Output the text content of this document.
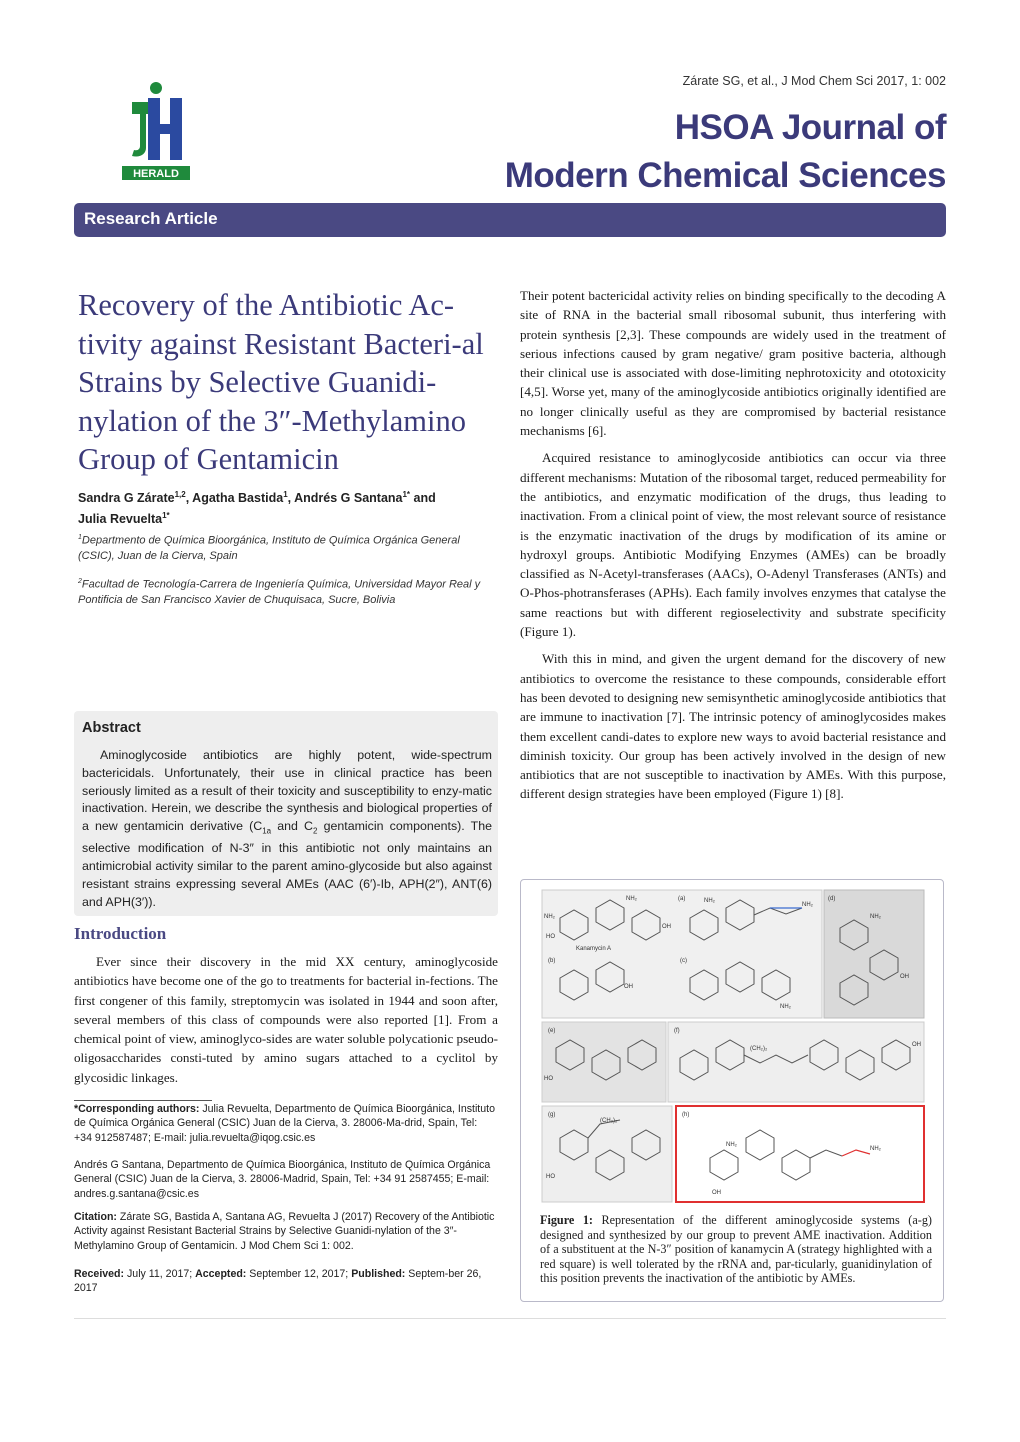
Zárate SG, et al., J Mod Chem Sci 2017, 1: 002
HERALD
HSOA Journal of
Modern Chemical Sciences
Research Article
Recovery of the Antibiotic Ac-tivity against Resistant Bacteri-al Strains by Selective Guanidi-nylation of the 3″-Methylamino Group of Gentamicin
Sandra G Zárate$^{1,2}$, Agatha Bastida$^1$, Andrés G Santana$^{1*}$ and
Julia Revuelta$^{1*}$
$^1$Departmento de Química Bioorgánica, Instituto de Química Orgánica General (CSIC), Juan de la Cierva, Spain
$^2$Facultad de Tecnología-Carrera de Ingeniería Química, Universidad Mayor Real y Pontificia de San Francisco Xavier de Chuquisaca, Sucre, Bolivia
Abstract
Aminoglycoside antibiotics are highly potent, wide-spectrum bactericidals. Unfortunately, their use in clinical practice has been seriously limited as a result of their toxicity and susceptibility to enzy-matic inactivation. Herein, we describe the synthesis and biological properties of a new gentamicin derivative ($C_{1a}$ and $C_2$ gentamicin components). The selective modification of N-3″ in this antibiotic not only maintains an antimicrobial activity similar to the parent amino-glycoside but also against resistant strains expressing several AMEs (AAC (6′)-Ib, APH(2″), ANT(6) and APH(3′)).
Introduction
Ever since their discovery in the mid XX century, aminoglycoside antibiotics have become one of the go to treatments for bacterial in-fections. The first congener of this family, streptomycin was isolated in 1944 and soon after, several members of this class of compounds were also reported [1]. From a chemical point of view, aminoglyco-sides are water soluble polycationic pseudo-oligosaccharides consti-tuted by amino sugars attached to a cyclitol by glycosidic linkages.
*Corresponding authors: Julia Revuelta, Departmento de Química Bioorgánica, Instituto de Química Orgánica General (CSIC) Juan de la Cierva, 3. 28006-Ma-drid, Spain, Tel: +34 912587487; E-mail: julia.revuelta@iqog.csic.es
Andrés G Santana, Departmento de Química Bioorgánica, Instituto de Química Orgánica General (CSIC) Juan de la Cierva, 3. 28006-Madrid, Spain, Tel: +34 91 2587455; E-mail: andres.g.santana@csic.es
Citation: Zárate SG, Bastida A, Santana AG, Revuelta J (2017) Recovery of the Antibiotic Activity against Resistant Bacterial Strains by Selective Guanidi-nylation of the 3″-Methylamino Group of Gentamicin. J Mod Chem Sci 1: 002.
Received: July 11, 2017; Accepted: September 12, 2017; Published: Septem-ber 26, 2017

Their potent bactericidal activity relies on binding specifically to the decoding A site of RNA in the bacterial small ribosomal subunit, thus interfering with protein synthesis [2,3]. These compounds are widely used in the treatment of serious infections caused by gram negative/ gram positive bacteria, although their clinical use is associated with dose-limiting nephrotoxicity and ototoxicity [4,5]. Worse yet, many of the aminoglycoside antibiotics originally identified are no longer clinically useful as they are compromised by bacterial resistance mechanisms [6].

Acquired resistance to aminoglycoside antibiotics can occur via three different mechanisms: Mutation of the ribosomal target, reduced permeability for the antibiotics, and enzymatic modification of the drugs, thus leading to inactivation. From a clinical point of view, the most relevant source of resistance is the enzymatic inactivation of the drugs by modification of its amine or hydroxyl groups. Antibiotic Modifying Enzymes (AMEs) can be broadly classified as N-Acetyl-transferases (AACs), O-Adenyl Transferases (ANTs) and O-Phos-photransferases (APHs). Each family involves enzymes that catalyse the same reactions but with different regioselectivity and substrate specificity (Figure 1).

With this in mind, and given the urgent demand for the discovery of new antibiotics to overcome the resistance to these compounds, considerable effort has been devoted to designing new semisynthetic aminoglycoside antibiotics that are immune to inactivation [7]. The intrinsic potency of aminoglycosides makes them excellent candi-dates to explore new ways to avoid bacterial resistance and diminish toxicity. Our group has been actively involved in the design of new antibiotics that are not susceptible to inactivation by AMEs. With this purpose, different design strategies have been employed (Figure 1) [8].

(a)
(b)	(c)
(d)
(e)	(f)
(g)	(h)
Kanamycin A
NH₂
HO
NH₂
OH
NH₂
NH₂
OH
NH₂
NH₂
OH
HO
(CH₂)₂
OH
(CH₂)₂
HO
NH₂
NH₂
OH
Figure 1: Representation of the different aminoglycoside systems (a-g) designed and synthesized by our group to prevent AME inactivation. Addition of a substituent at the N-3″ position of kanamycin A (strategy highlighted with a red square) is well tolerated by the rRNA and, par-ticularly, guanidinylation of this position prevents the inactivation of the antibiotic by AMEs.
